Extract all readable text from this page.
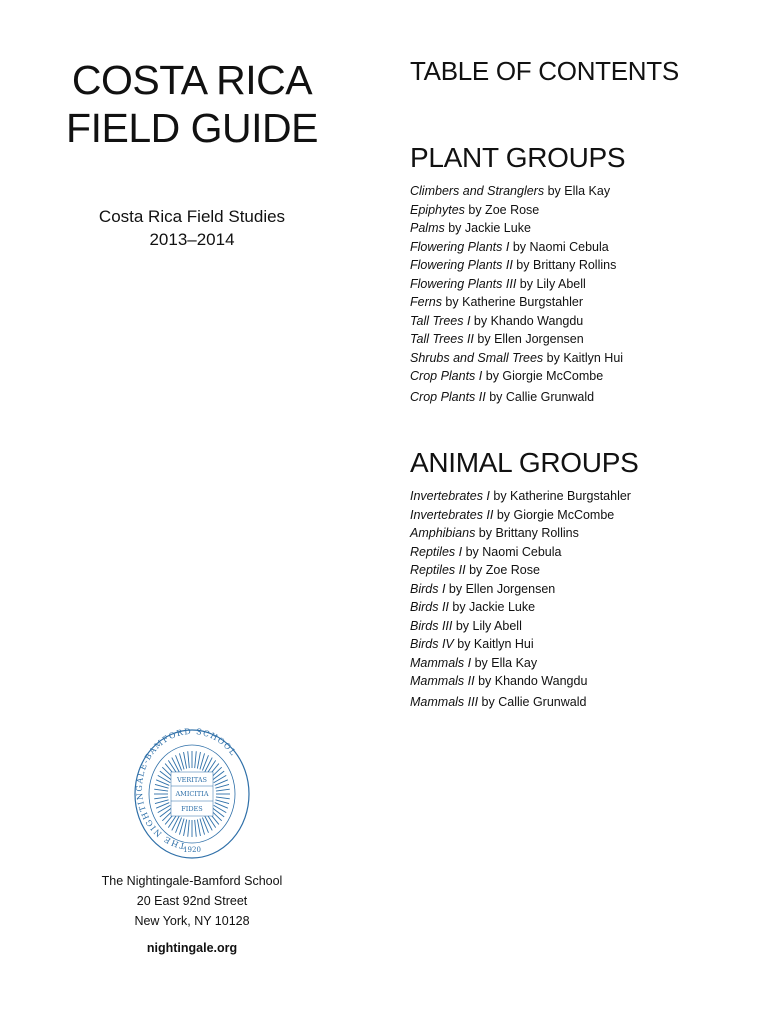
COSTA RICA
FIELD GUIDE
Costa Rica Field Studies
2013–2014
THE NIGHTINGALE-BAMFORD SCHOOL
VERITAS
AMICITIA
FIDES
1920
The Nightingale-Bamford School
20 East 92nd Street
New York, NY 10128
nightingale.org
TABLE OF CONTENTS
PLANT GROUPS
Climbers and Stranglers by Ella Kay
Epiphytes by Zoe Rose
Palms by Jackie Luke
Flowering Plants I by Naomi Cebula
Flowering Plants II by Brittany Rollins
Flowering Plants III by Lily Abell
Ferns by Katherine Burgstahler
Tall Trees I by Khando Wangdu
Tall Trees II by Ellen Jorgensen
Shrubs and Small Trees by Kaitlyn Hui
Crop Plants I by Giorgie McCombe
Crop Plants II by Callie Grunwald
ANIMAL GROUPS
Invertebrates I by Katherine Burgstahler
Invertebrates II by Giorgie McCombe
Amphibians by Brittany Rollins
Reptiles I by Naomi Cebula
Reptiles II by Zoe Rose
Birds I by Ellen Jorgensen
Birds II by Jackie Luke
Birds III by Lily Abell
Birds IV by Kaitlyn Hui
Mammals I by Ella Kay
Mammals II by Khando Wangdu
Mammals III by Callie Grunwald
